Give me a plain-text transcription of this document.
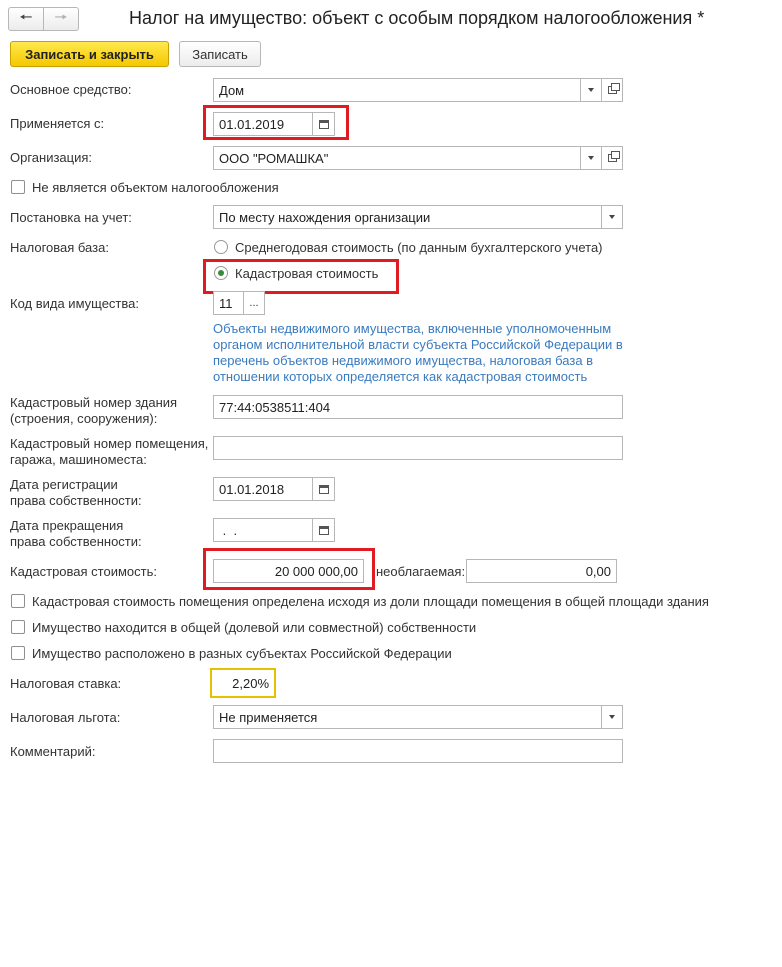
🠔 🠖	Налог на имущество: объект с особым порядком налогообложения *
Записать и закрыть	Записать
Основное средство:	Дом
Применяется с:	01.01.2019
Организация:	ООО "РОМАШКА"
Не является объектом налогообложения
Постановка на учет:	По месту нахождения организации
Налоговая база:	Среднегодовая стоимость (по данным бухгалтерского учета)
Кадастровая стоимость
Код вида имущества:	11	...
Объекты недвижимого имущества, включенные уполномоченным органом исполнительной власти субъекта Российской Федерации в перечень объектов недвижимого имущества, налоговая база в отношении которых определяется как кадастровая стоимость
Кадастровый номер здания
(строения, сооружения):
77:44:0538511:404
Кадастровый номер помещения,
гаража, машиноместа:
Дата регистрации
права собственности:
01.01.2018
Дата прекращения
права собственности:
.  .
Кадастровая стоимость:	20 000 000,00	необлагаемая:	0,00
Кадастровая стоимость помещения определена исходя из доли площади помещения в общей площади здания
Имущество находится в общей (долевой или совместной) собственности
Имущество расположено в разных субъектах Российской Федерации
Налоговая ставка:	2,20 %
Налоговая льгота:	Не применяется
Комментарий:
